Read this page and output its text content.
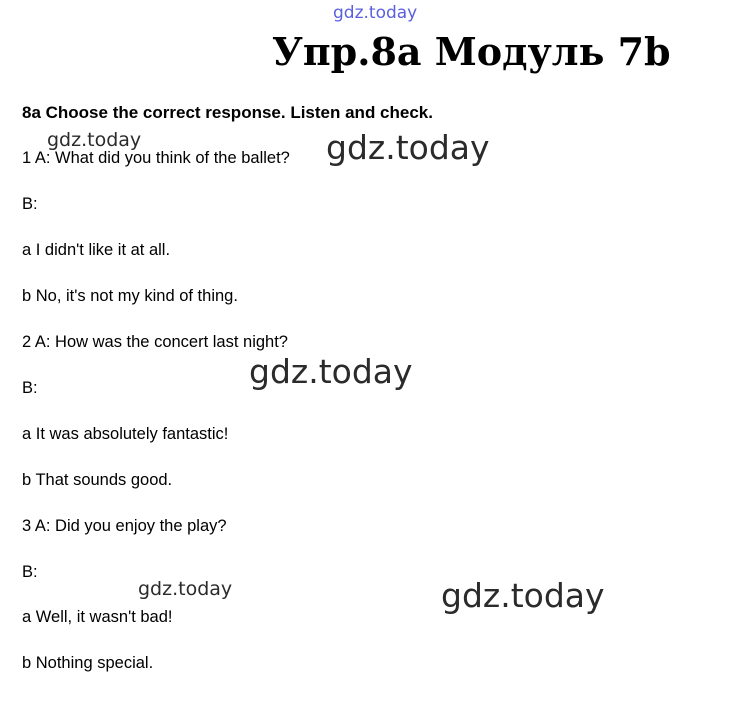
gdz.today
Упр.8а Модуль 7b
8a Choose the correct response. Listen and check.
gdz.today
1 A: What did you think of the ballet? gdz.today
B:
a I didn't like it at all.
b No, it's not my kind of thing.
2 A: How was the concert last night?
gdz.today
B:
a It was absolutely fantastic!
b That sounds good.
3 A: Did you enjoy the play?
B:
gdz.today	gdz.today
a Well, it wasn't bad!
b Nothing special.
